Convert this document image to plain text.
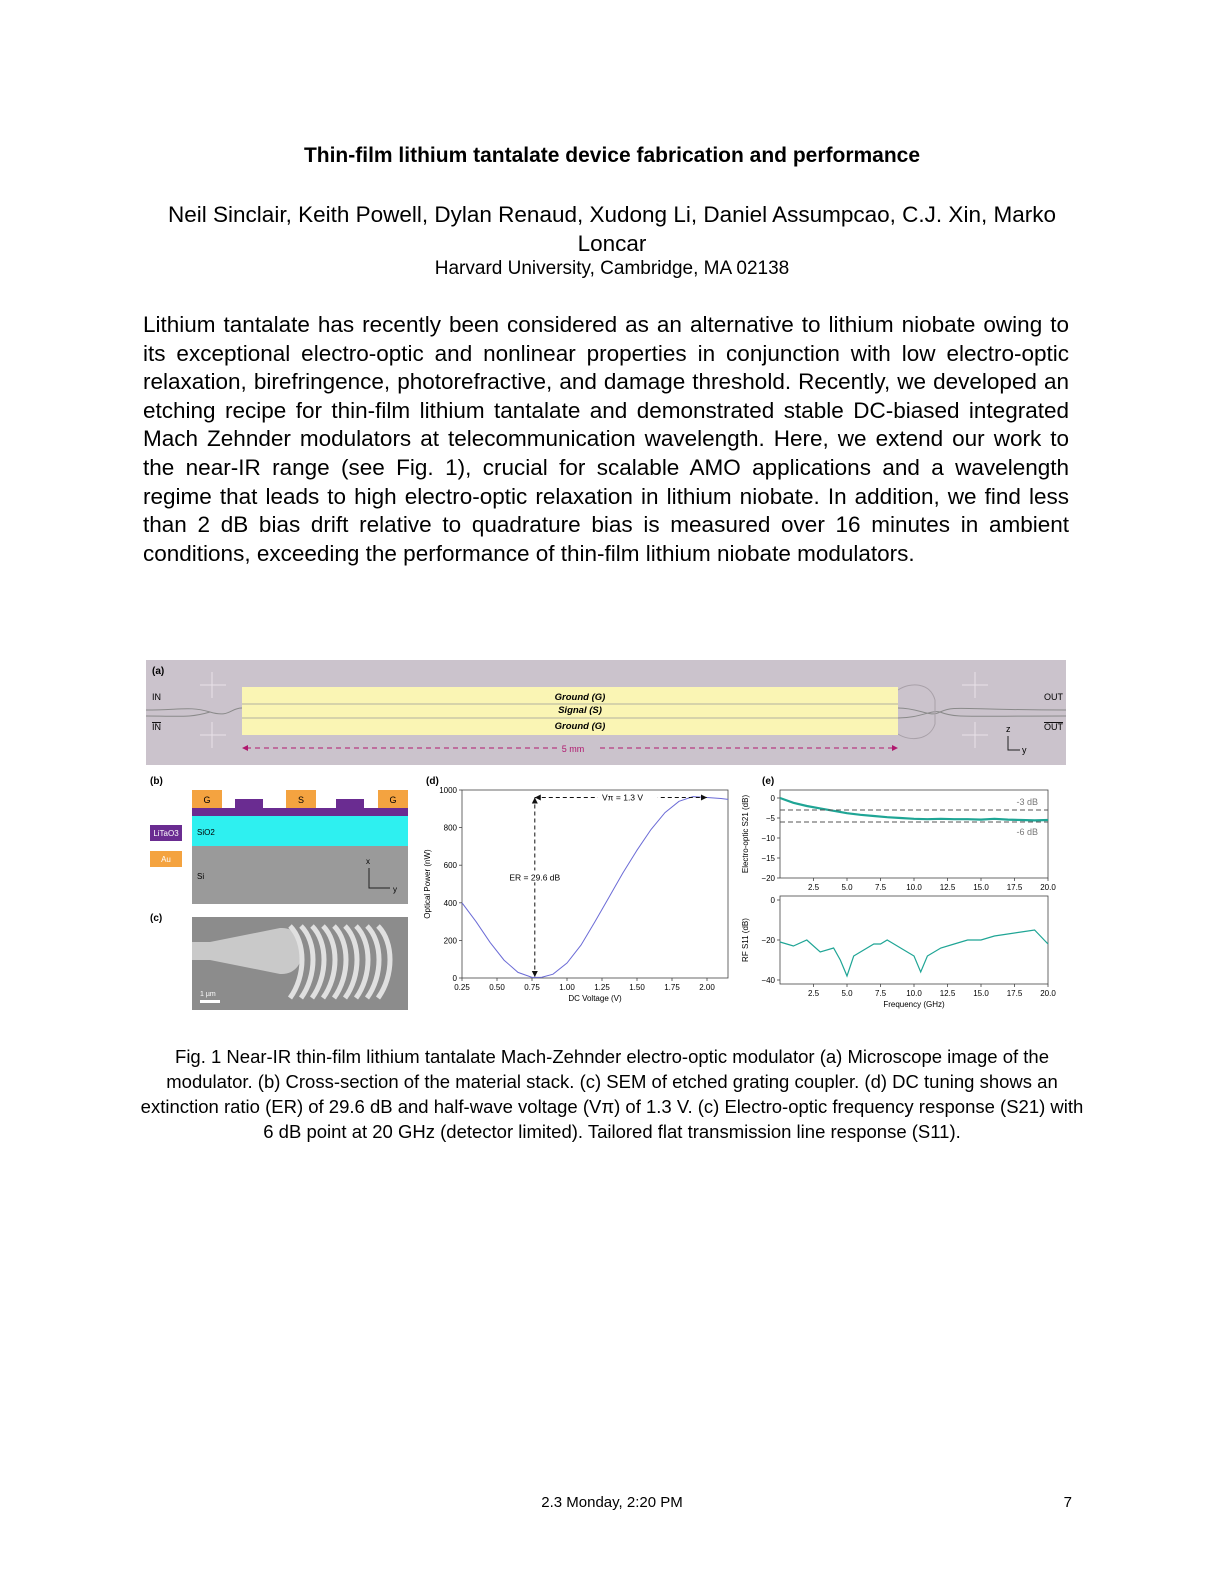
Thin-film lithium tantalate device fabrication and performance
Neil Sinclair, Keith Powell, Dylan Renaud, Xudong Li, Daniel Assumpcao, C.J. Xin, Marko Loncar
Harvard University, Cambridge, MA 02138
Lithium tantalate has recently been considered as an alternative to lithium niobate owing to its exceptional electro-optic and nonlinear properties in conjunction with low electro-optic relaxation, birefringence, photorefractive, and damage threshold. Recently, we developed an etching recipe for thin-film lithium tantalate and demonstrated stable DC-biased integrated Mach Zehnder modulators at telecommunication wavelength. Here, we extend our work to the near-IR range (see Fig. 1), crucial for scalable AMO applications and a wavelength regime that leads to high electro-optic relaxation in lithium niobate. In addition, we find less than 2 dB bias drift relative to quadrature bias is measured over 16 minutes in ambient conditions, exceeding the performance of thin-film lithium niobate modulators.
(a)
IN
IN
OUT
OUT
Ground (G)
Signal (S)
Ground (G)
5 mm
z
y
(b)
LiTaO3
Au
G	S	G
SiO2
Si
x
y
(c)
1 µm
(d)
0.25 0.50 0.75 1.00 1.25 1.50 1.75 2.00
0
200
400
600
800
1000
DC Voltage (V)
Optical Power (nW)
Vπ = 1.3 V
ER = 29.6 dB
(e)
2.5	5.0	7.5	10.0 12.5 15.0 17.5 20.0
0
−5
−10
−15
−20
Electro-optic S21 (dB)	-3 dB
-6 dB
2.5	5.0	7.5	10.0 12.5 15.0 17.5 20.0
0
−20
−40
Frequency (GHz)
RF S11 (dB)
Fig. 1 Near-IR thin-film lithium tantalate Mach-Zehnder electro-optic modulator (a) Microscope image of the modulator. (b) Cross-section of the material stack. (c) SEM of etched grating coupler. (d) DC tuning shows an extinction ratio (ER) of 29.6 dB and half-wave voltage (Vπ) of 1.3 V. (c) Electro-optic frequency response (S21) with 6 dB point at 20 GHz (detector limited). Tailored flat transmission line response (S11).
2.3 Monday, 2:20 PM	7
